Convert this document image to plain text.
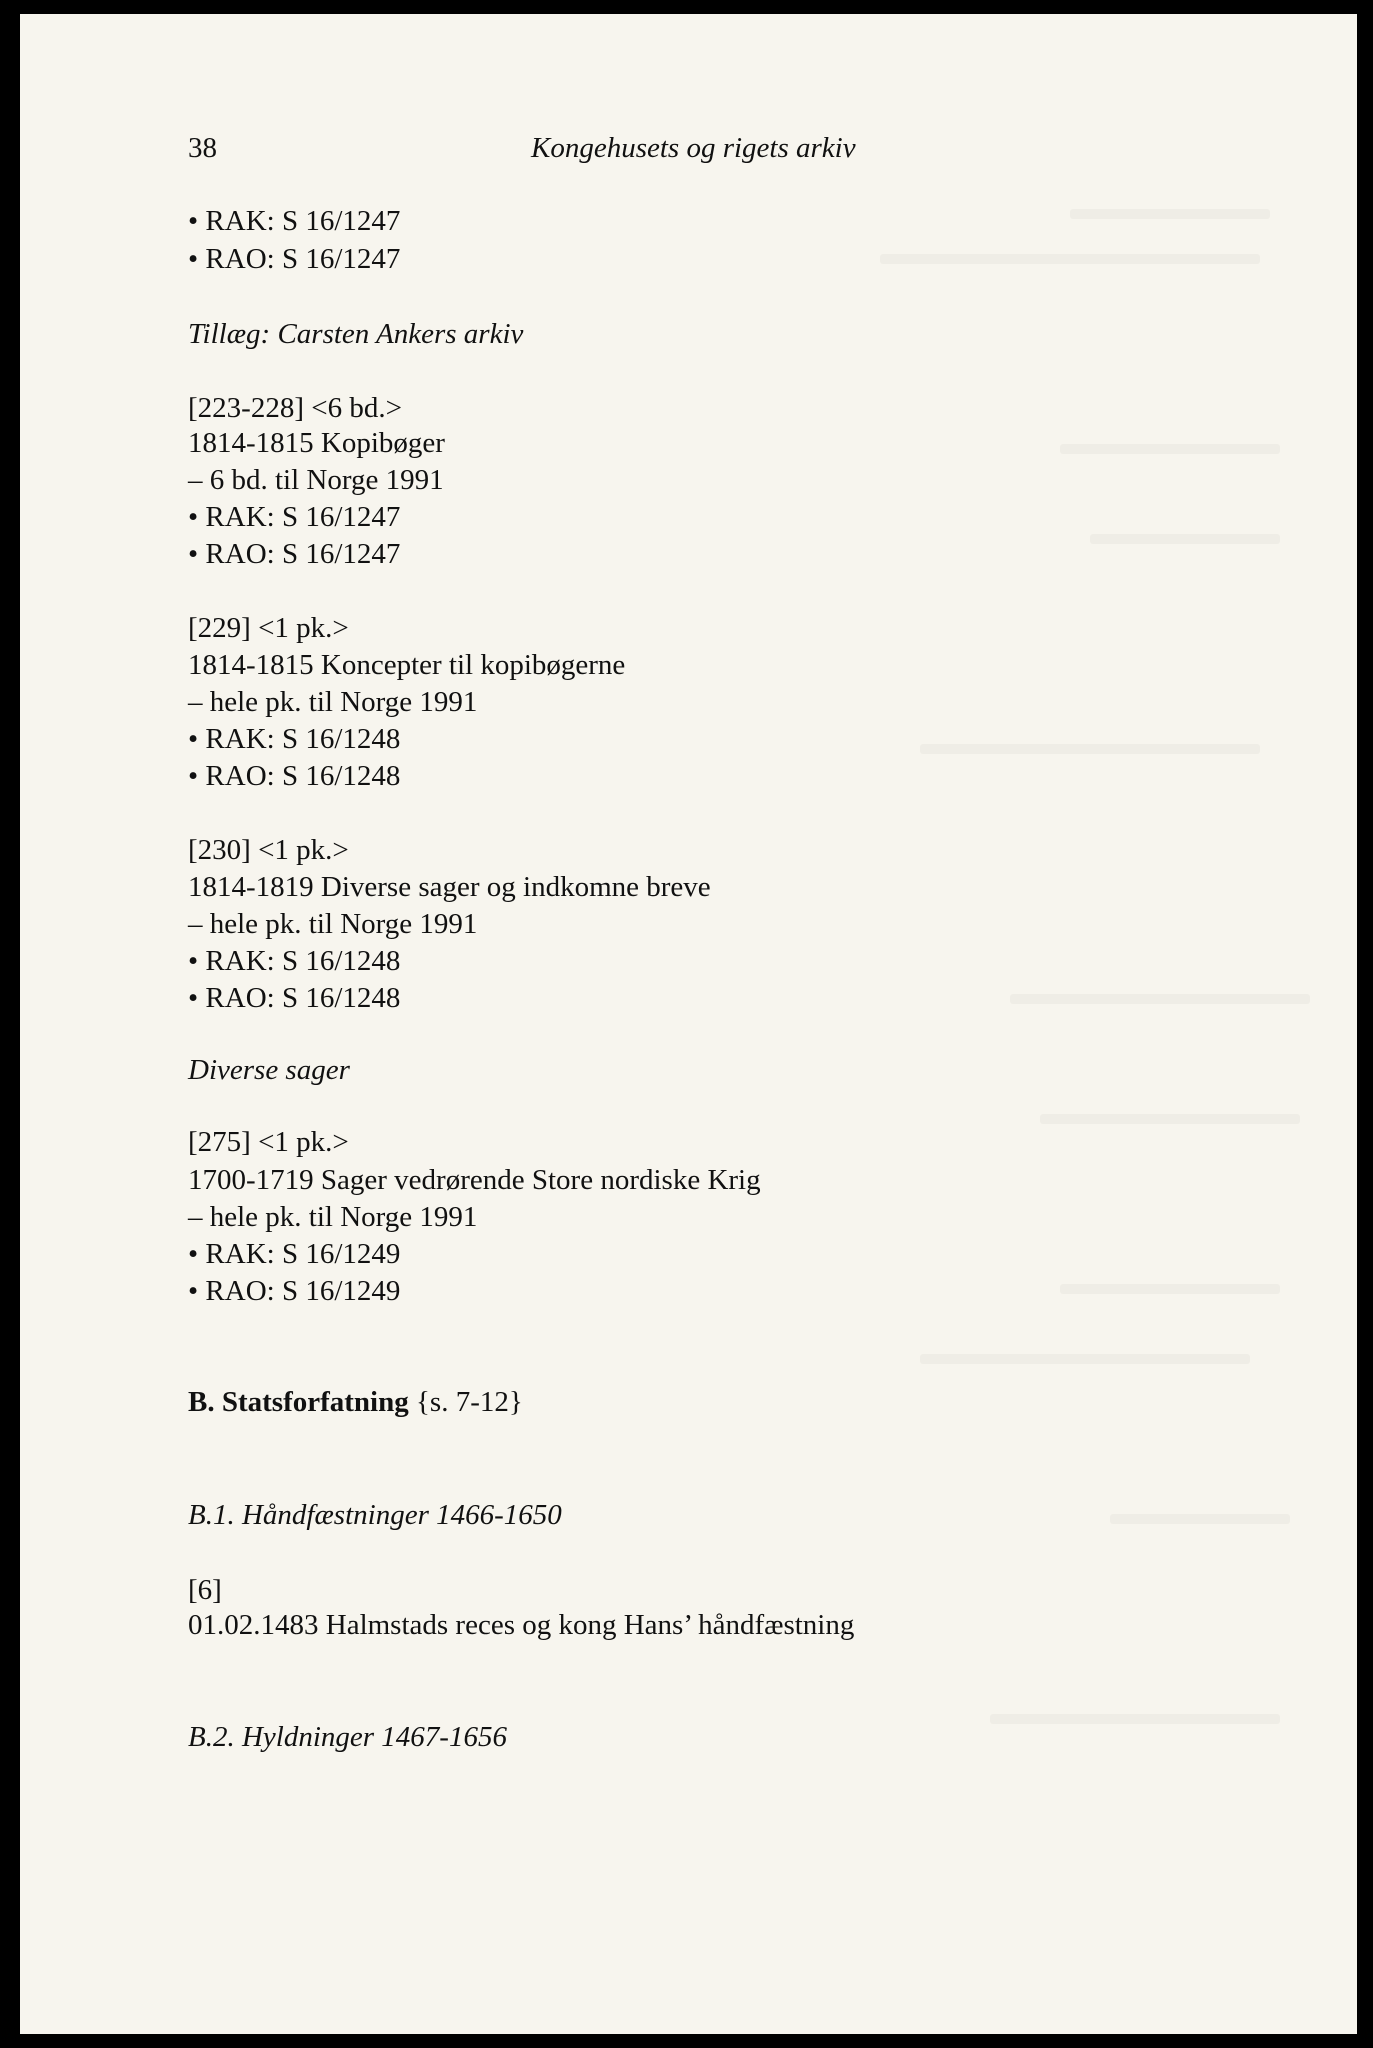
38	Kongehusets og rigets arkiv
• RAK: S 16/1247
• RAO: S 16/1247
Tillæg: Carsten Ankers arkiv
[223-228] <6 bd.>
1814-1815 Kopibøger
– 6 bd. til Norge 1991
• RAK: S 16/1247
• RAO: S 16/1247
[229] <1 pk.>
1814-1815 Koncepter til kopibøgerne
– hele pk. til Norge 1991
• RAK: S 16/1248
• RAO: S 16/1248
[230] <1 pk.>
1814-1819 Diverse sager og indkomne breve
– hele pk. til Norge 1991
• RAK: S 16/1248
• RAO: S 16/1248
Diverse sager
[275] <1 pk.>
1700-1719 Sager vedrørende Store nordiske Krig
– hele pk. til Norge 1991
• RAK: S 16/1249
• RAO: S 16/1249
B. Statsforfatning {s. 7-12}
B.1. Håndfæstninger 1466-1650
[6]
01.02.1483 Halmstads reces og kong Hans’ håndfæstning
B.2. Hyldninger 1467-1656
